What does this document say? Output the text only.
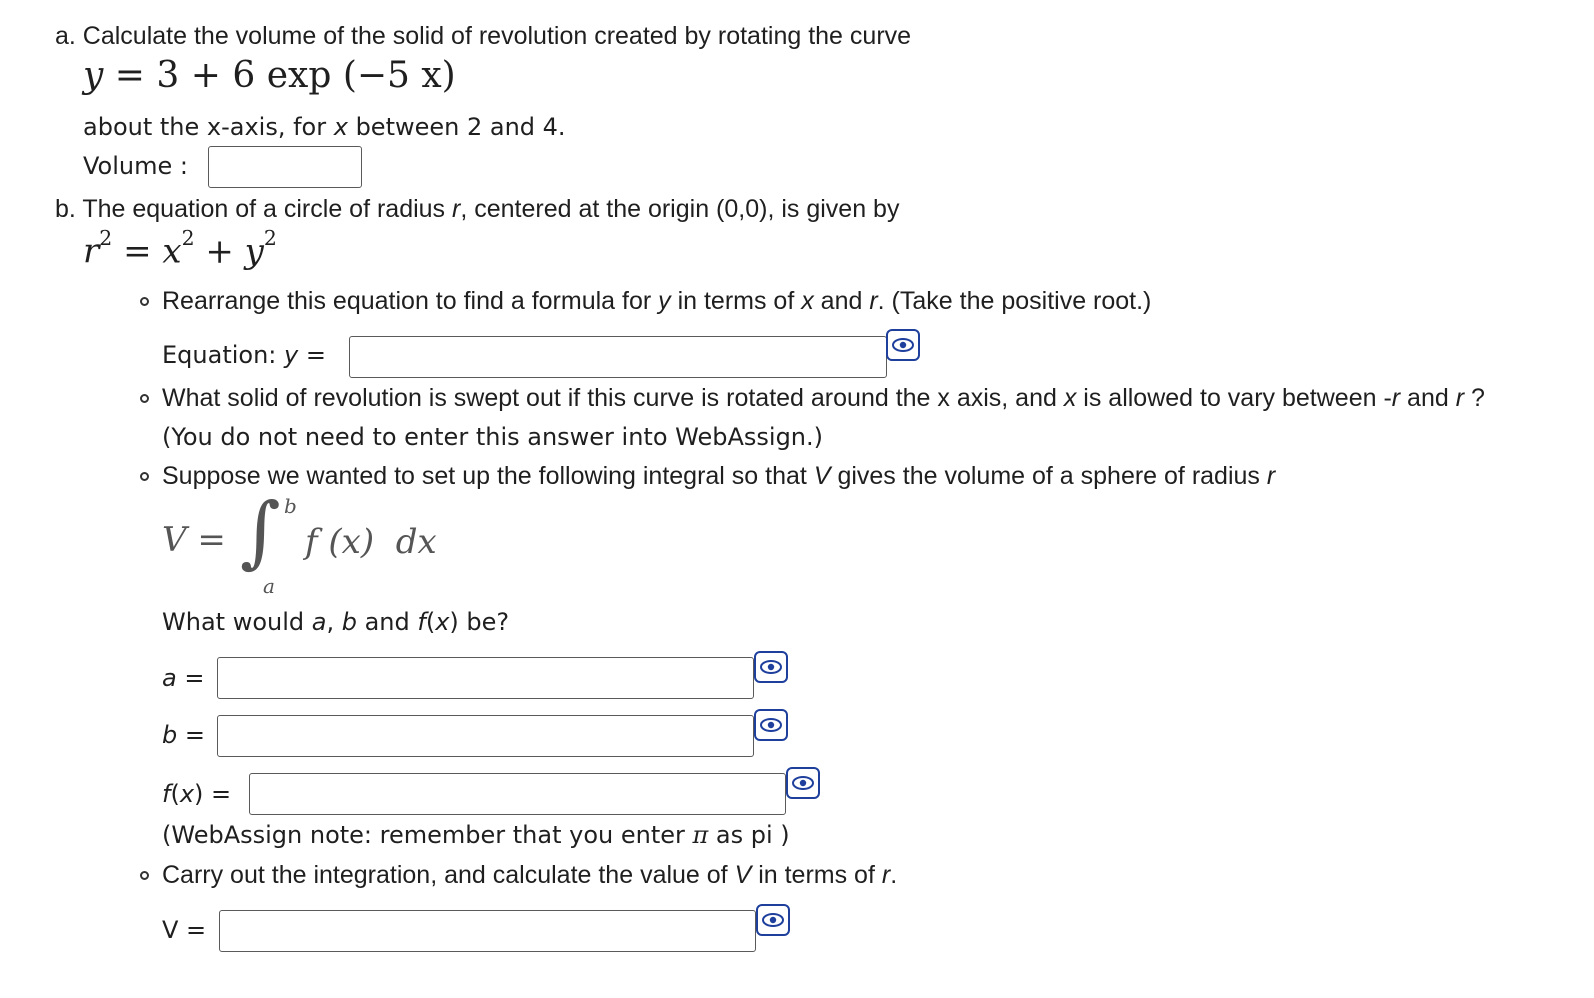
a. Calculate the volume of the solid of revolution created by rotating the curve
y = 3 + 6 exp (−5 x)
about the x-axis, for x between 2 and 4.
Volume :
b. The equation of a circle of radius r, centered at the origin (0,0), is given by
$r^2 = x^2 + y^2$
Rearrange this equation to find a formula for y in terms of x and r. (Take the positive root.)
Equation: y =
What solid of revolution is swept out if this curve is rotated around the x axis, and x is allowed to vary between -r and r ?
(You do not need to enter this answer into WebAssign.)
Suppose we wanted to set up the following integral so that V gives the volume of a sphere of radius r
V = ∫ b
a
f (x) dx
What would a, b and f(x) be?
a =
b =
f(x) =
(WebAssign note: remember that you enter π as pi )
Carry out the integration, and calculate the value of V in terms of r.
V =
